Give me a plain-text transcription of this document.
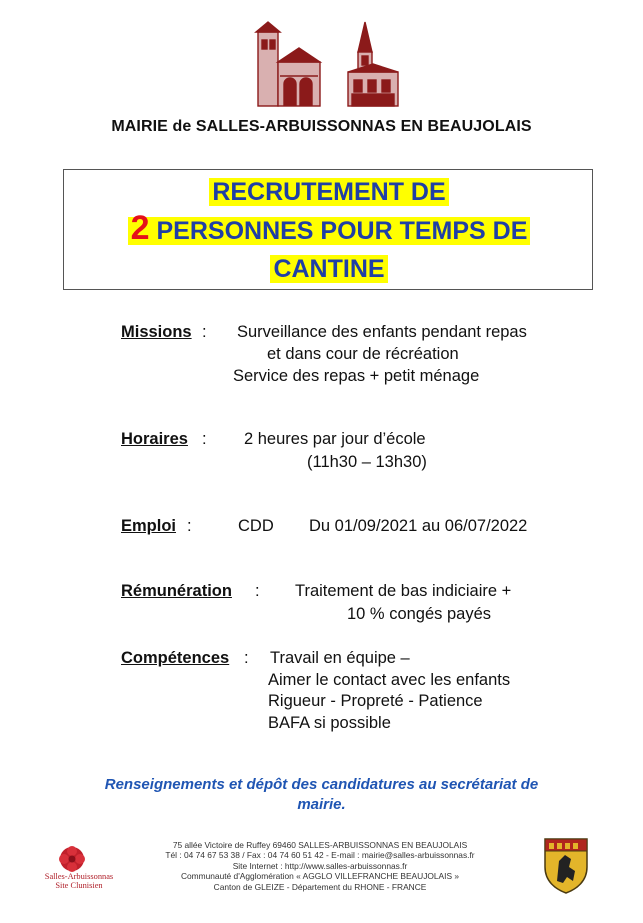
MAIRIE de SALLES-ARBUISSONNAS EN BEAUJOLAIS
RECRUTEMENT DE
2 PERSONNES POUR TEMPS DE
CANTINE
Missions : Surveillance des enfants pendant repas
et dans cour de récréation
Service des repas + petit ménage
Horaires : 2 heures par jour d’école
(11h30 – 13h30)
Emploi :	CDD Du 01/09/2021 au 06/07/2022
Rémunération : Traitement de bas indiciaire +
10 % congés payés
Compétences : Travail en équipe –
Aimer le contact avec les enfants
Rigueur - Propreté - Patience
BAFA si possible
Renseignements et dépôt des candidatures au secrétariat de
mairie.
Salles-Arbuissonnas
Site Clunisien
75 allée Victoire de Ruffey 69460 SALLES-ARBUISSONNAS EN BEAUJOLAIS
Tél : 04 74 67 53 38 / Fax : 04 74 60 51 42 - E-mail : mairie@salles-arbuissonnas.fr
Site Internet : http://www.salles-arbuissonnas.fr
Communauté d'Agglomération « AGGLO VILLEFRANCHE BEAUJOLAIS »
Canton de GLEIZE - Département du RHONE - FRANCE
